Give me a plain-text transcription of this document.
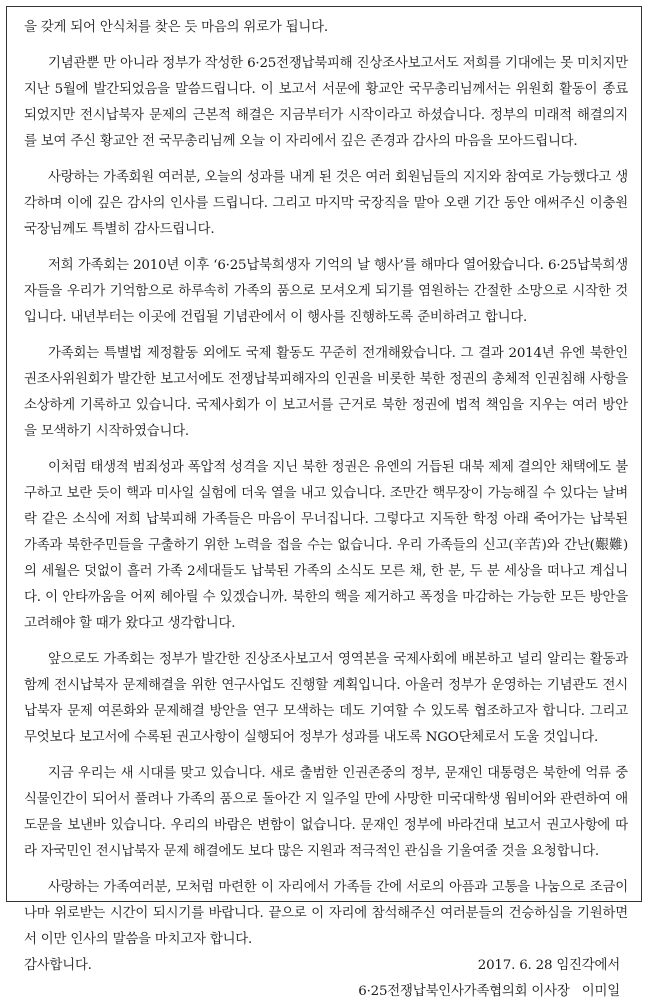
을 갖게 되어 안식처를 찾은 듯 마음의 위로가 됩니다.

기념관뿐 만 아니라 정부가 작성한 6·25전쟁납북피해 진상조사보고서도 저희를 기대에는 못 미치지만 지난 5월에 발간되었음을 말씀드립니다. 이 보고서 서문에 황교안 국무총리님께서는 위원회 활동이 종료되었지만 전시납북자 문제의 근본적 해결은 지금부터가 시작이라고 하셨습니다. 정부의 미래적 해결의지를 보여 주신 황교안 전 국무총리님께 오늘 이 자리에서 깊은 존경과 감사의 마음을 모아드립니다.

사랑하는 가족회원 여러분, 오늘의 성과를 내게 된 것은 여러 회원님들의 지지와 참여로 가능했다고 생각하며 이에 깊은 감사의 인사를 드립니다. 그리고 마지막 국장직을 맡아 오랜 기간 동안 애써주신 이충원 국장님께도 특별히 감사드립니다.

저희 가족회는 2010년 이후 ‘6·25납북희생자 기억의 날 행사’를 해마다 열어왔습니다. 6·25납북희생자들을 우리가 기억함으로 하루속히 가족의 품으로 모셔오게 되기를 염원하는 간절한 소망으로 시작한 것입니다. 내년부터는 이곳에 건립될 기념관에서 이 행사를 진행하도록 준비하려고 합니다.

가족회는 특별법 제정활동 외에도 국제 활동도 꾸준히 전개해왔습니다. 그 결과 2014년 유엔 북한인권조사위원회가 발간한 보고서에도 전쟁납북피해자의 인권을 비롯한 북한 정권의 총체적 인권침해 사항을 소상하게 기록하고 있습니다. 국제사회가 이 보고서를 근거로 북한 정권에 법적 책임을 지우는 여러 방안을 모색하기 시작하였습니다.

이처럼 태생적 범죄성과 폭압적 성격을 지닌 북한 정권은 유엔의 거듭된 대북 제제 결의안 채택에도 불구하고 보란 듯이 핵과 미사일 실험에 더욱 열을 내고 있습니다. 조만간 핵무장이 가능해질 수 있다는 날벼락 같은 소식에 저희 납북피해 가족들은 마음이 무너집니다. 그렇다고 지독한 학정 아래 죽어가는 납북된 가족과 북한주민들을 구출하기 위한 노력을 접을 수는 없습니다. 우리 가족들의 신고(辛苦)와 간난(艱難)의 세월은 덧없이 흘러 가족 2세대들도 납북된 가족의 소식도 모른 채, 한 분, 두 분 세상을 떠나고 계십니다. 이 안타까움을 어찌 헤아릴 수 있겠습니까. 북한의 핵을 제거하고 폭정을 마감하는 가능한 모든 방안을 고려해야 할 때가 왔다고 생각합니다.

앞으로도 가족회는 정부가 발간한 진상조사보고서 영역본을 국제사회에 배본하고 널리 알리는 활동과 함께 전시납북자 문제해결을 위한 연구사업도 진행할 계획입니다. 아울러 정부가 운영하는 기념관도 전시납북자 문제 여론화와 문제해결 방안을 연구 모색하는 데도 기여할 수 있도록 협조하고자 합니다. 그리고 무엇보다 보고서에 수록된 권고사항이 실행되어 정부가 성과를 내도록 NGO단체로서 도울 것입니다.

지금 우리는 새 시대를 맞고 있습니다. 새로 출범한 인권존중의 정부, 문재인 대통령은 북한에 억류 중 식물인간이 되어서 풀려나 가족의 품으로 돌아간 지 일주일 만에 사망한 미국대학생 웜비어와 관련하여 애도문을 보낸바 있습니다. 우리의 바람은 변함이 없습니다. 문재인 정부에 바라건대 보고서 권고사항에 따라 자국민인 전시납북자 문제 해결에도 보다 많은 지원과 적극적인 관심을 기울여줄 것을 요청합니다.

사랑하는 가족여러분, 모처럼 마련한 이 자리에서 가족들 간에 서로의 아픔과 고통을 나눔으로 조금이나마 위로받는 시간이 되시기를 바랍니다. 끝으로 이 자리에 참석해주신 여러분들의 건승하심을 기원하면서 이만 인사의 말씀을 마치고자 합니다.

감사합니다.	2017. 6. 28 임진각에서
6·25전쟁납북인사가족협의회 이사장   이미일
